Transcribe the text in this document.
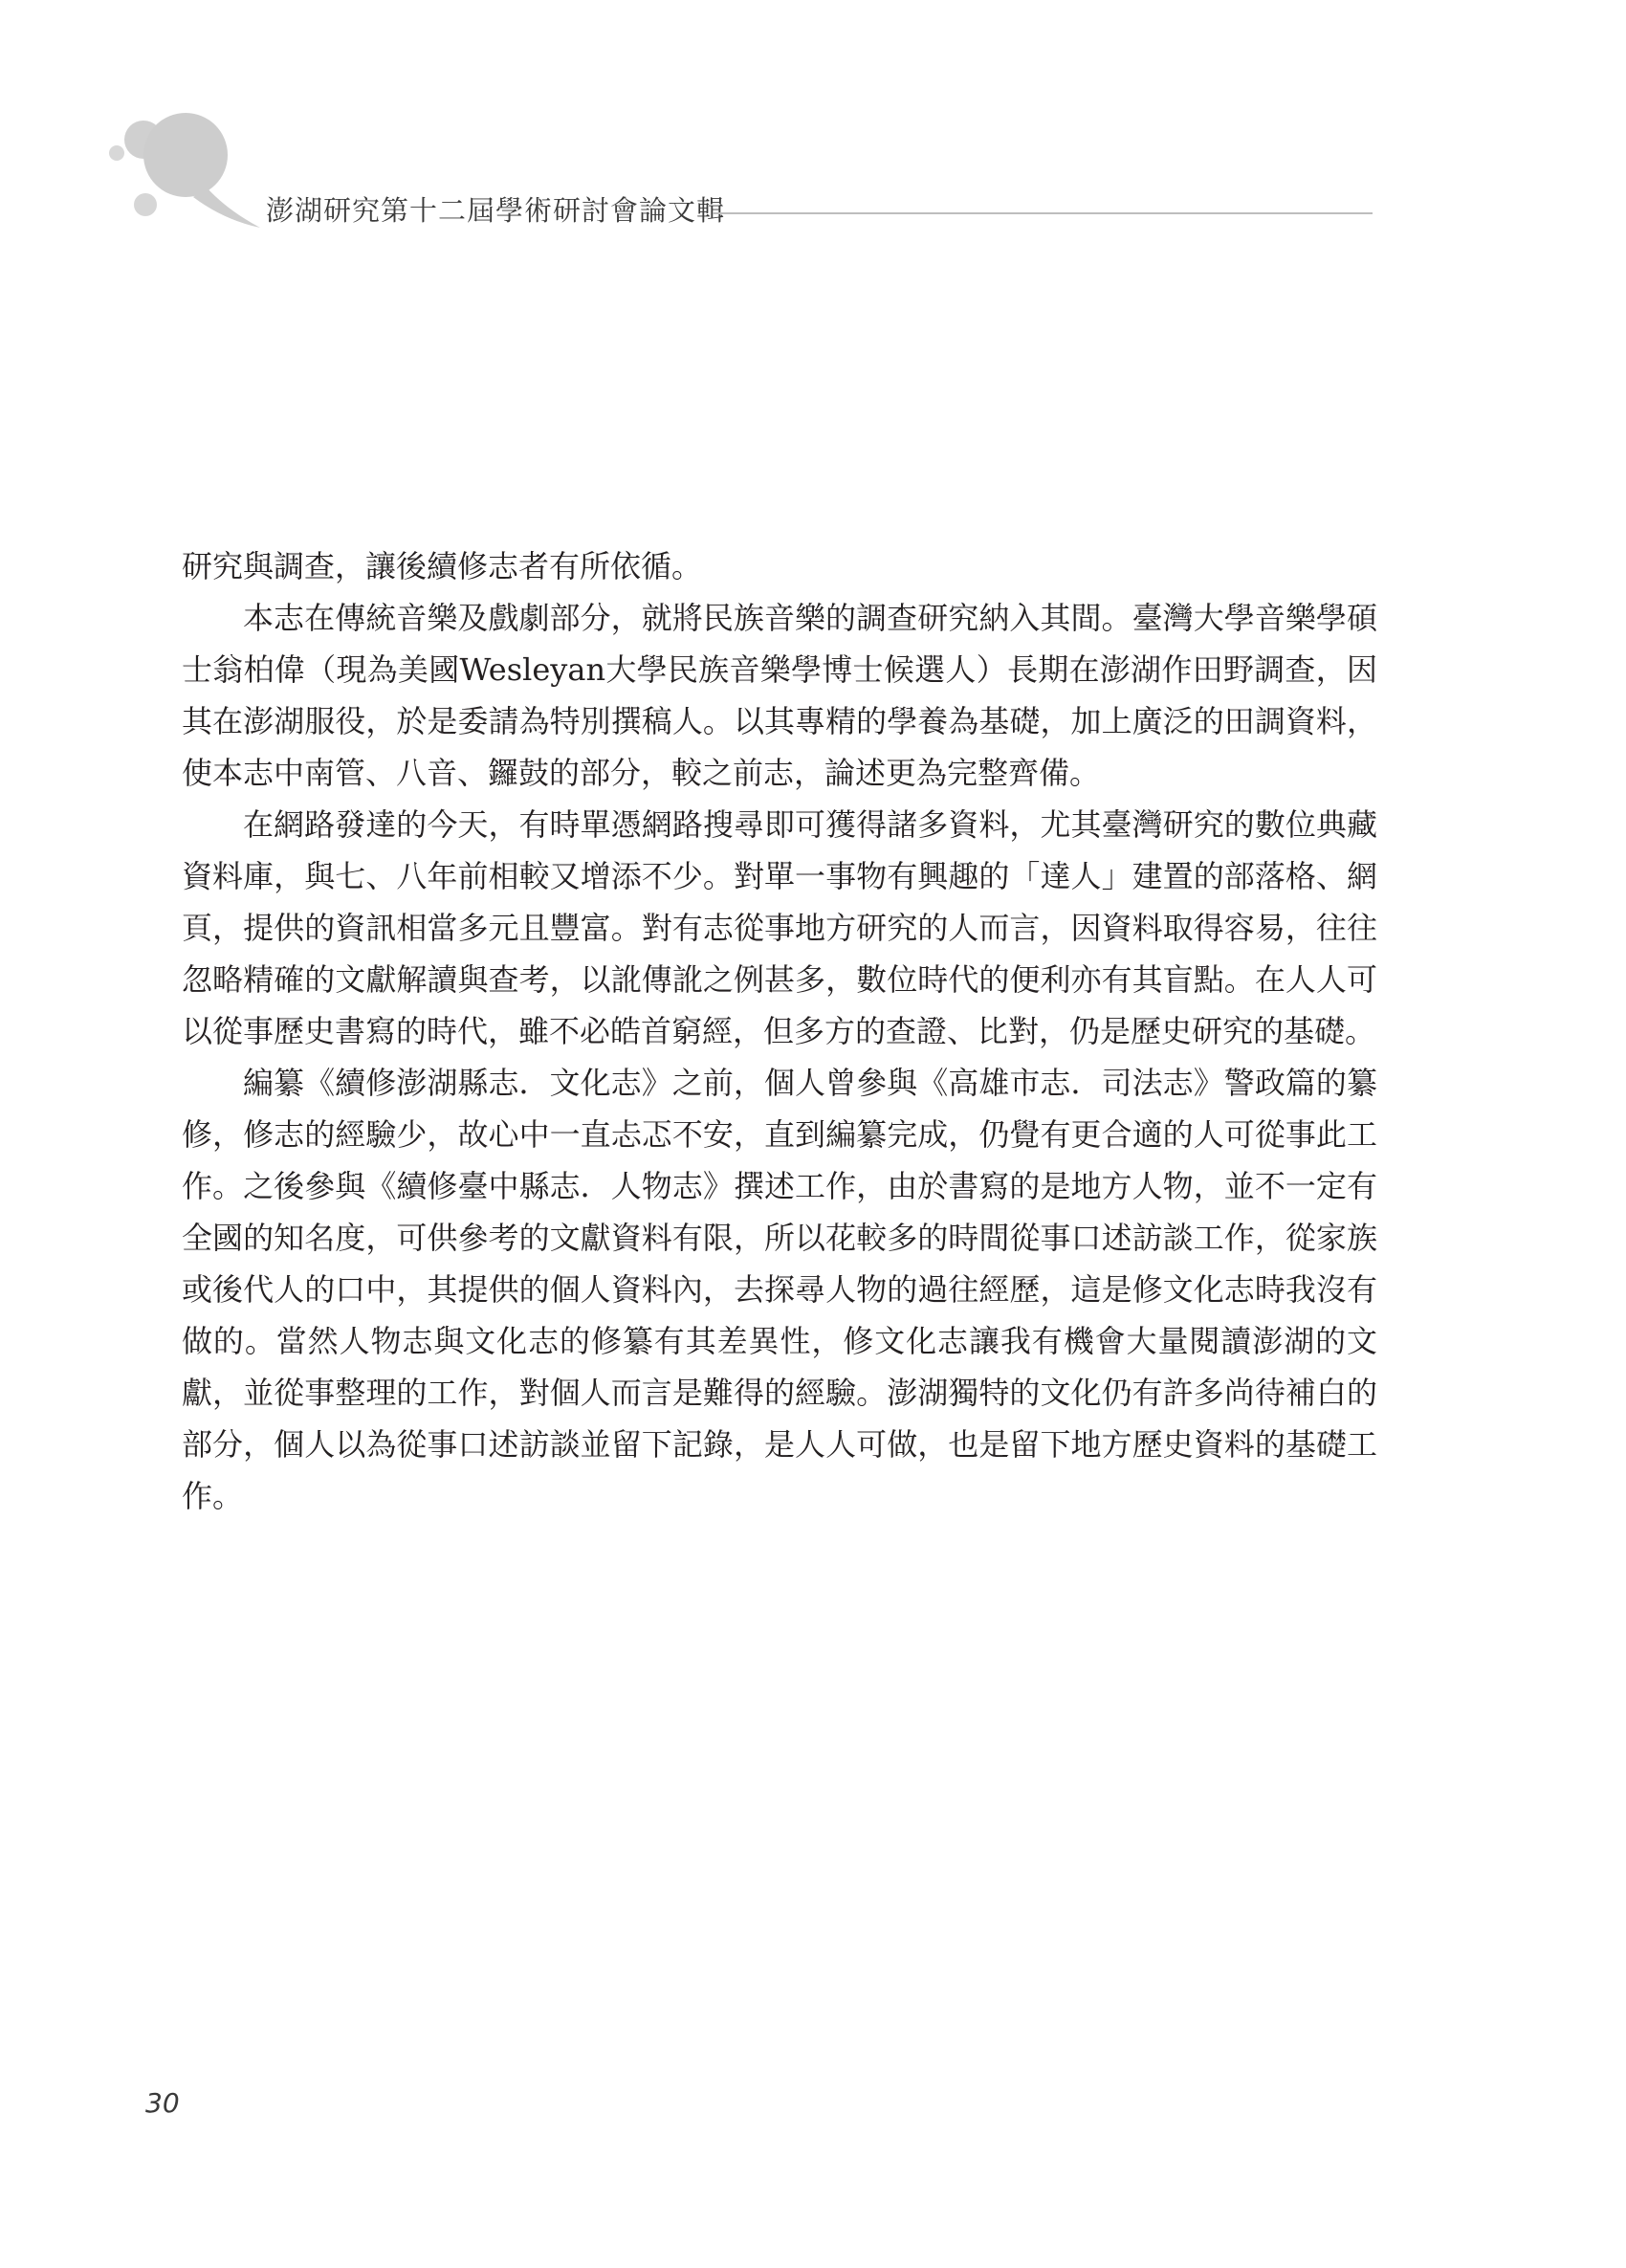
澎湖研究第十二屆學術研討會論文輯

研究與調查，讓後續修志者有所依循。

本志在傳統音樂及戲劇部分，就將民族音樂的調查研究納入其間。臺灣大學音樂學碩士翁柏偉（現為美國Wesleyan大學民族音樂學博士候選人）長期在澎湖作田野調查，因其在澎湖服役，於是委請為特別撰稿人。以其專精的學養為基礎，加上廣泛的田調資料，使本志中南管、八音、鑼鼓的部分，較之前志，論述更為完整齊備。

在網路發達的今天，有時單憑網路搜尋即可獲得諸多資料，尤其臺灣研究的數位典藏資料庫，與七、八年前相較又增添不少。對單一事物有興趣的「達人」建置的部落格、網頁，提供的資訊相當多元且豐富。對有志從事地方研究的人而言，因資料取得容易，往往忽略精確的文獻解讀與查考，以訛傳訛之例甚多，數位時代的便利亦有其盲點。在人人可以從事歷史書寫的時代，雖不必皓首窮經，但多方的查證、比對，仍是歷史研究的基礎。

編纂《續修澎湖縣志．文化志》之前，個人曾參與《高雄市志．司法志》警政篇的纂修，修志的經驗少，故心中一直忐忑不安，直到編纂完成，仍覺有更合適的人可從事此工作。之後參與《續修臺中縣志．人物志》撰述工作，由於書寫的是地方人物，並不一定有全國的知名度，可供參考的文獻資料有限，所以花較多的時間從事口述訪談工作，從家族或後代人的口中，其提供的個人資料內，去探尋人物的過往經歷，這是修文化志時我沒有做的。當然人物志與文化志的修纂有其差異性，修文化志讓我有機會大量閱讀澎湖的文獻，並從事整理的工作，對個人而言是難得的經驗。澎湖獨特的文化仍有許多尚待補白的部分，個人以為從事口述訪談並留下記錄，是人人可做，也是留下地方歷史資料的基礎工作。

30
